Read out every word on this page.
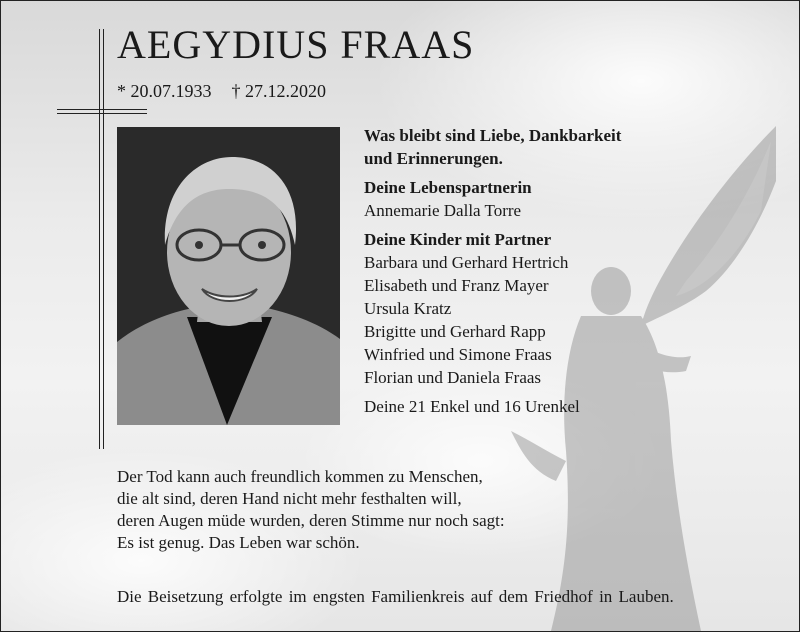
AEGYDIUS FRAAS
* 20.07.1933 † 27.12.2020
Was bleibt sind Liebe, Dankbarkeit
und Erinnerungen.
Deine Lebenspartnerin
Annemarie Dalla Torre
Deine Kinder mit Partner
Barbara und Gerhard Hertrich
Elisabeth und Franz Mayer
Ursula Kratz
Brigitte und Gerhard Rapp
Winfried und Simone Fraas
Florian und Daniela Fraas
Deine 21 Enkel und 16 Urenkel
Der Tod kann auch freundlich kommen zu Menschen,
die alt sind, deren Hand nicht mehr festhalten will,
deren Augen müde wurden, deren Stimme nur noch sagt:
Es ist genug. Das Leben war schön.
Die Beisetzung erfolgte im engsten Familienkreis auf dem Friedhof in Lauben.
